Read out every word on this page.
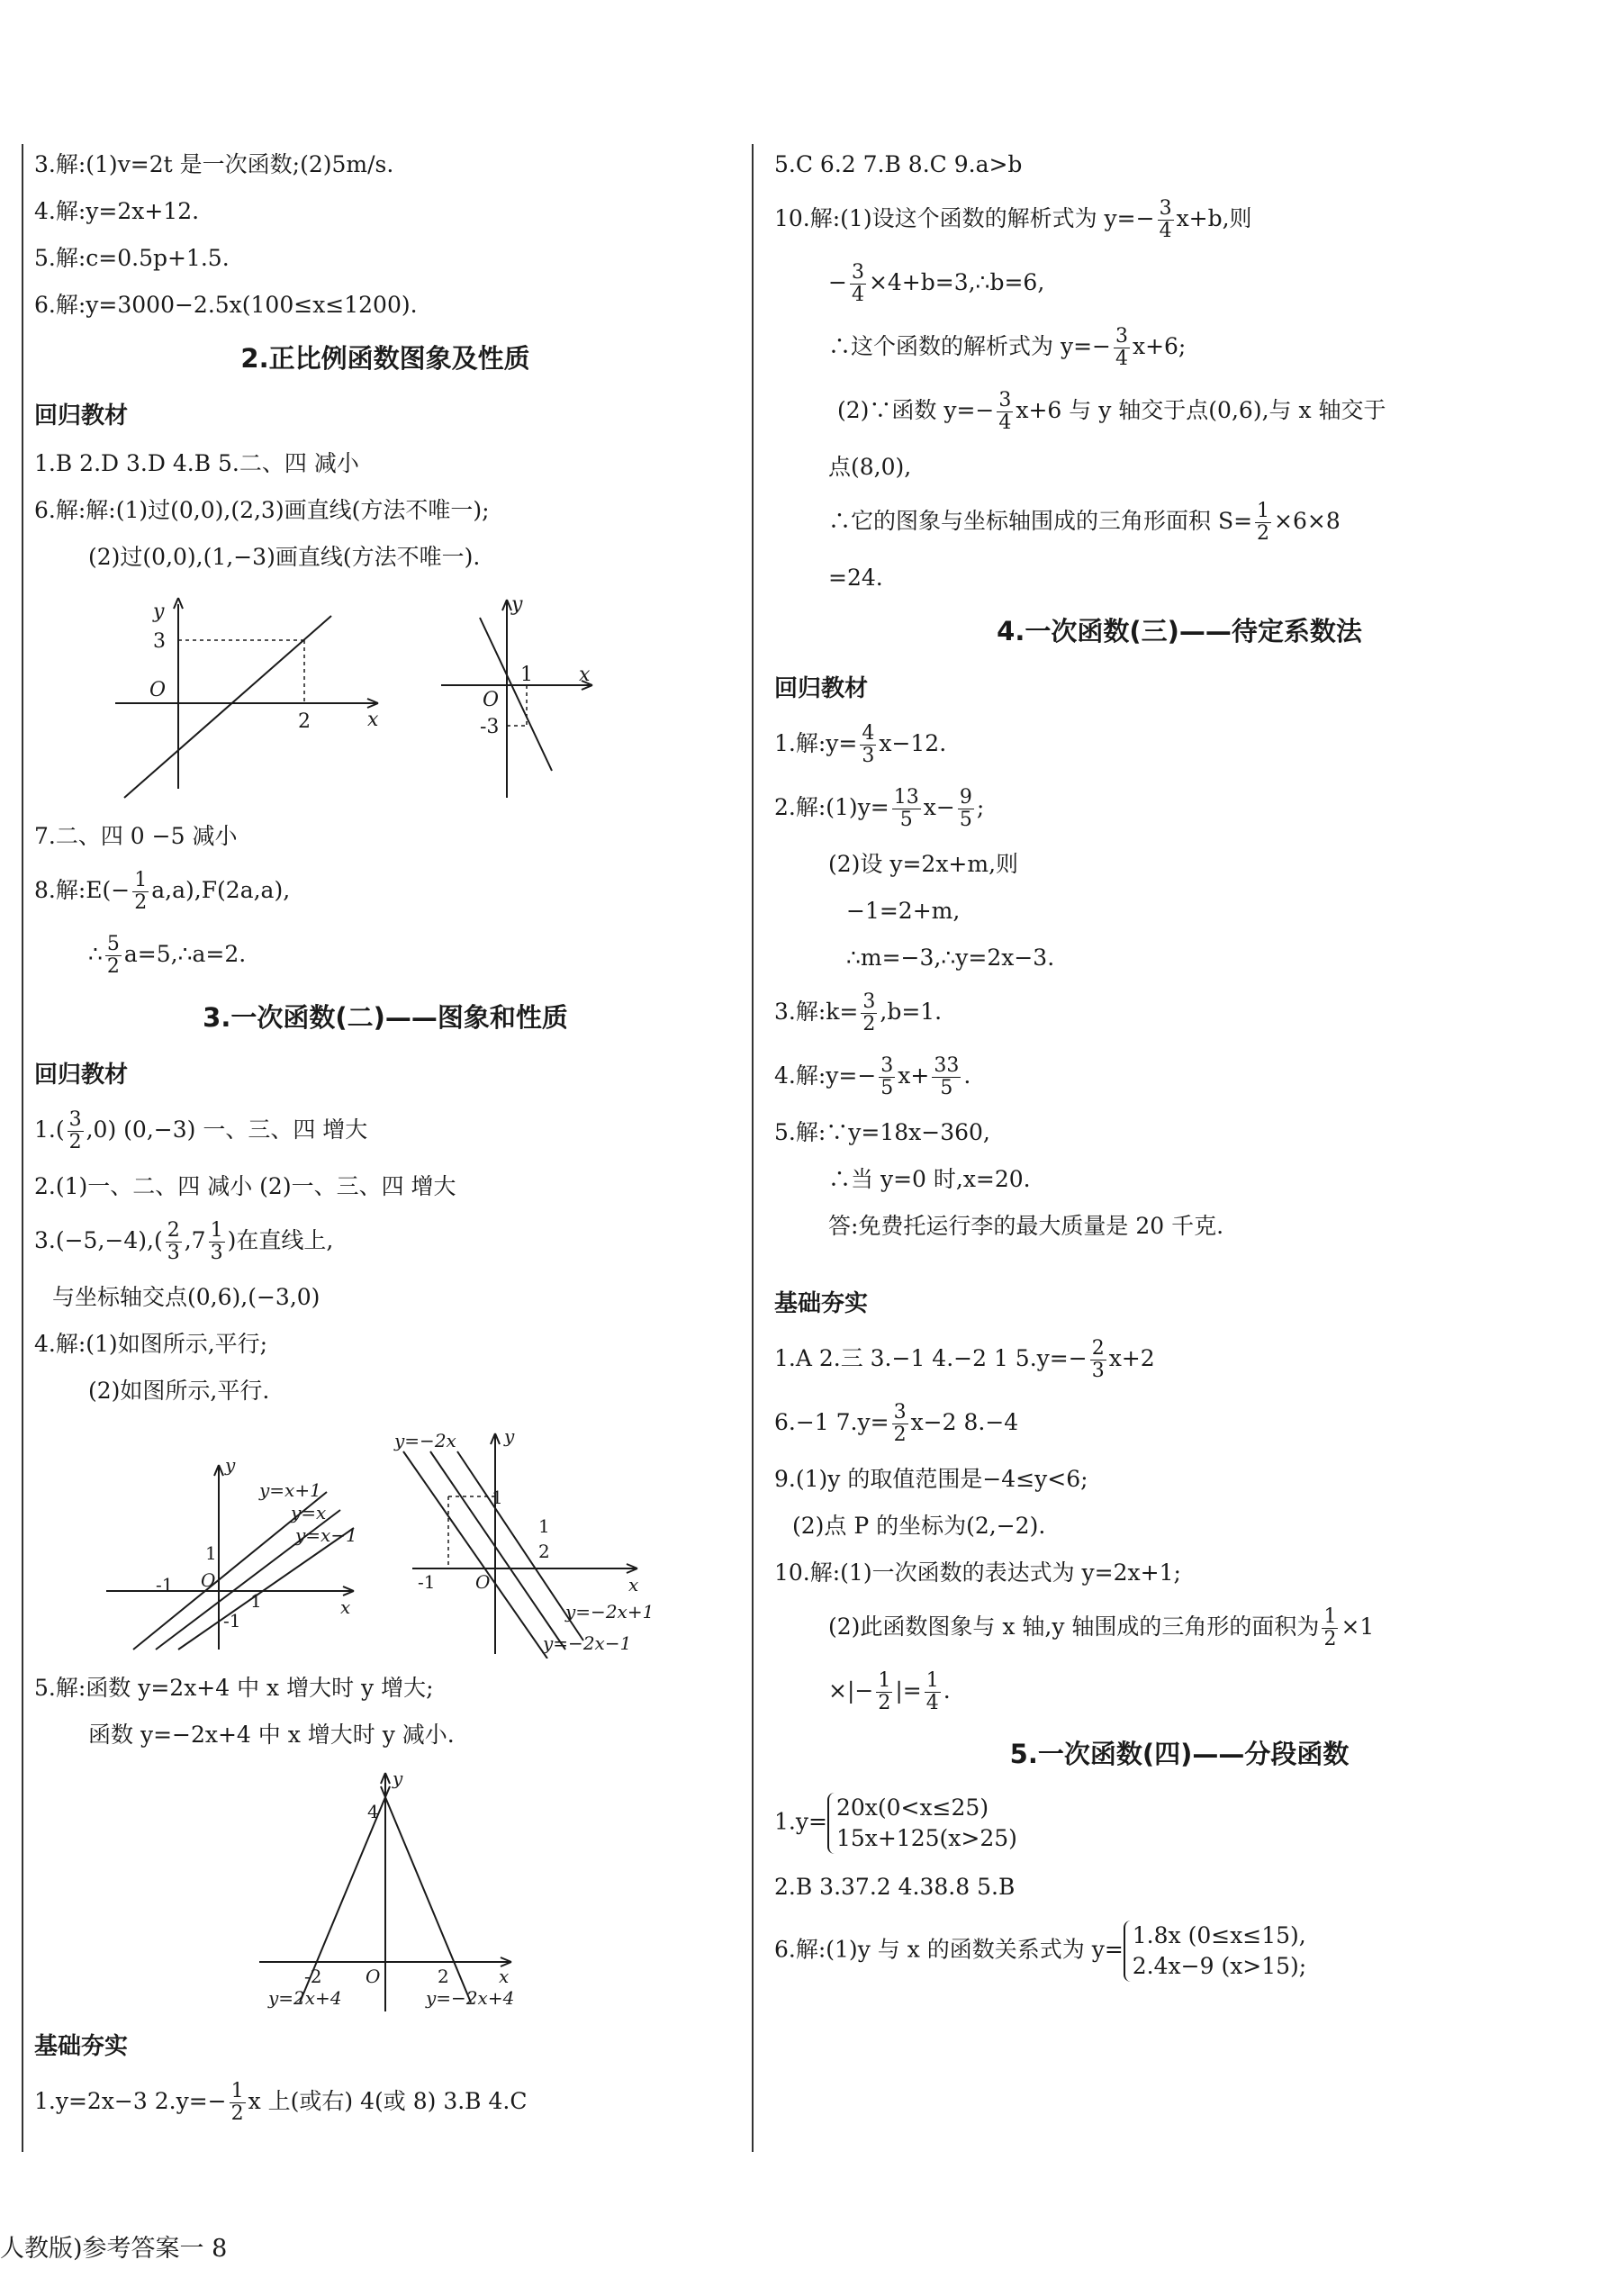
3.解:(1)v=2t 是一次函数;(2)5m/s.
4.解:y=2x+12.
5.解:c=0.5p+1.5.
6.解:y=3000−2.5x(100≤x≤1200).
2.正比例函数图象及性质
回归教材
1.B 2.D 3.D 4.B 5.二、四 减小
6.解:解:(1)过(0,0),(2,3)画直线(方法不唯一);
(2)过(0,0),(1,−3)画直线(方法不唯一).
y
x
O
3
2
y
x
O
1
-3
7.二、四 0 −5 减小
8.解:E(− $\frac{1}{2} a,a),F(2a,a)$,
∴ $\frac{5}{2}$ a=5,∴a=2.
3.一次函数(二)——图象和性质
回归教材
$1.( \frac{3}{2} ,0)$ (0,−3) 一、三、四 增大
2.(1)一、二、四 减小 (2)一、三、四 增大
$3.(-5,-4),( \frac{2}{3} ,7 \frac{1}{3}$ )在直线上,
与坐标轴交点(0,6),(−3,0)
4.解:(1)如图所示,平行;
(2)如图所示,平行.
y
x
O
y=x+1
y=x
y=x−1
-1
1
-1
1
y=−2x	y
x
O
y=−2x+1
y=−2x−1
1
-1
1
2
5.解:函数 y=2x+4 中 x 增大时 y 增大;
函数 y=−2x+4 中 x 增大时 y 减小.
y
x
O
4
-2	2
y=2x+4	y=−2x+4
基础夯实
1.y=2x−3 $2.y=- \frac{1}{2}$ x 上(或右) 4(或 8) 3.B 4.C
5.C 6.2 7.B 8.C 9.a>b
10.解:(1)设这个函数的解析式为 $y=- \frac{3}{4} x+b$,则
− $\frac{3}{4}$ ×4+b=3,∴b=6,
∴这个函数的解析式为 $y=- \frac{3}{4} x+6$;
(2)∵函数 $y=- \frac{3}{4} x+6$ 与 y 轴交于点(0,6),与 x 轴交于
点(8,0),
∴它的图象与坐标轴围成的三角形面积 $S= \frac{1}{2} \times 6\times 8$
=24.
4.一次函数(三)——待定系数法
回归教材
1.解:y= $\frac{4}{3} x-12$.
2.解:(1)y= $\frac{13}{5} x- \frac{9}{5}$ ;
(2)设 y=2x+m,则
−1=2+m,
∴m=−3,∴y=2x−3.
3.解:k= $\frac{3}{2} ,b=1$.
4.解:y=− $\frac{3}{5} x+ \frac{33}{5}$ .
5.解:∵y=18x−360,
∴当 y=0 时,x=20.
答:免费托运行李的最大质量是 20 千克.
基础夯实
1.A 2.三 3.−1 4.−2 1 $5.y=- \frac{2}{3} x+2$
6.−1 $7.y= \frac{3}{2} x-2$ 8.−4
9.(1)y 的取值范围是−4≤y<6;
(2)点 P 的坐标为(2,−2).
10.解:(1)一次函数的表达式为 y=2x+1;
(2)此函数图象与 x 轴,y 轴围成的三角形的面积为 $\frac{1}{2} \times 1$
×|− $\frac{1}{2}$ |= $\frac{1}{4}$ .
5.一次函数(四)——分段函数
1.y=
20x(0<x≤25)
15x+125(x>25)
2.B 3.37.2 4.38.8 5.B
6.解:(1)y 与 x 的函数关系式为 y=
1.8x (0≤x≤15),
2.4x−9 (x>15);
人教版)参考答案一 8
